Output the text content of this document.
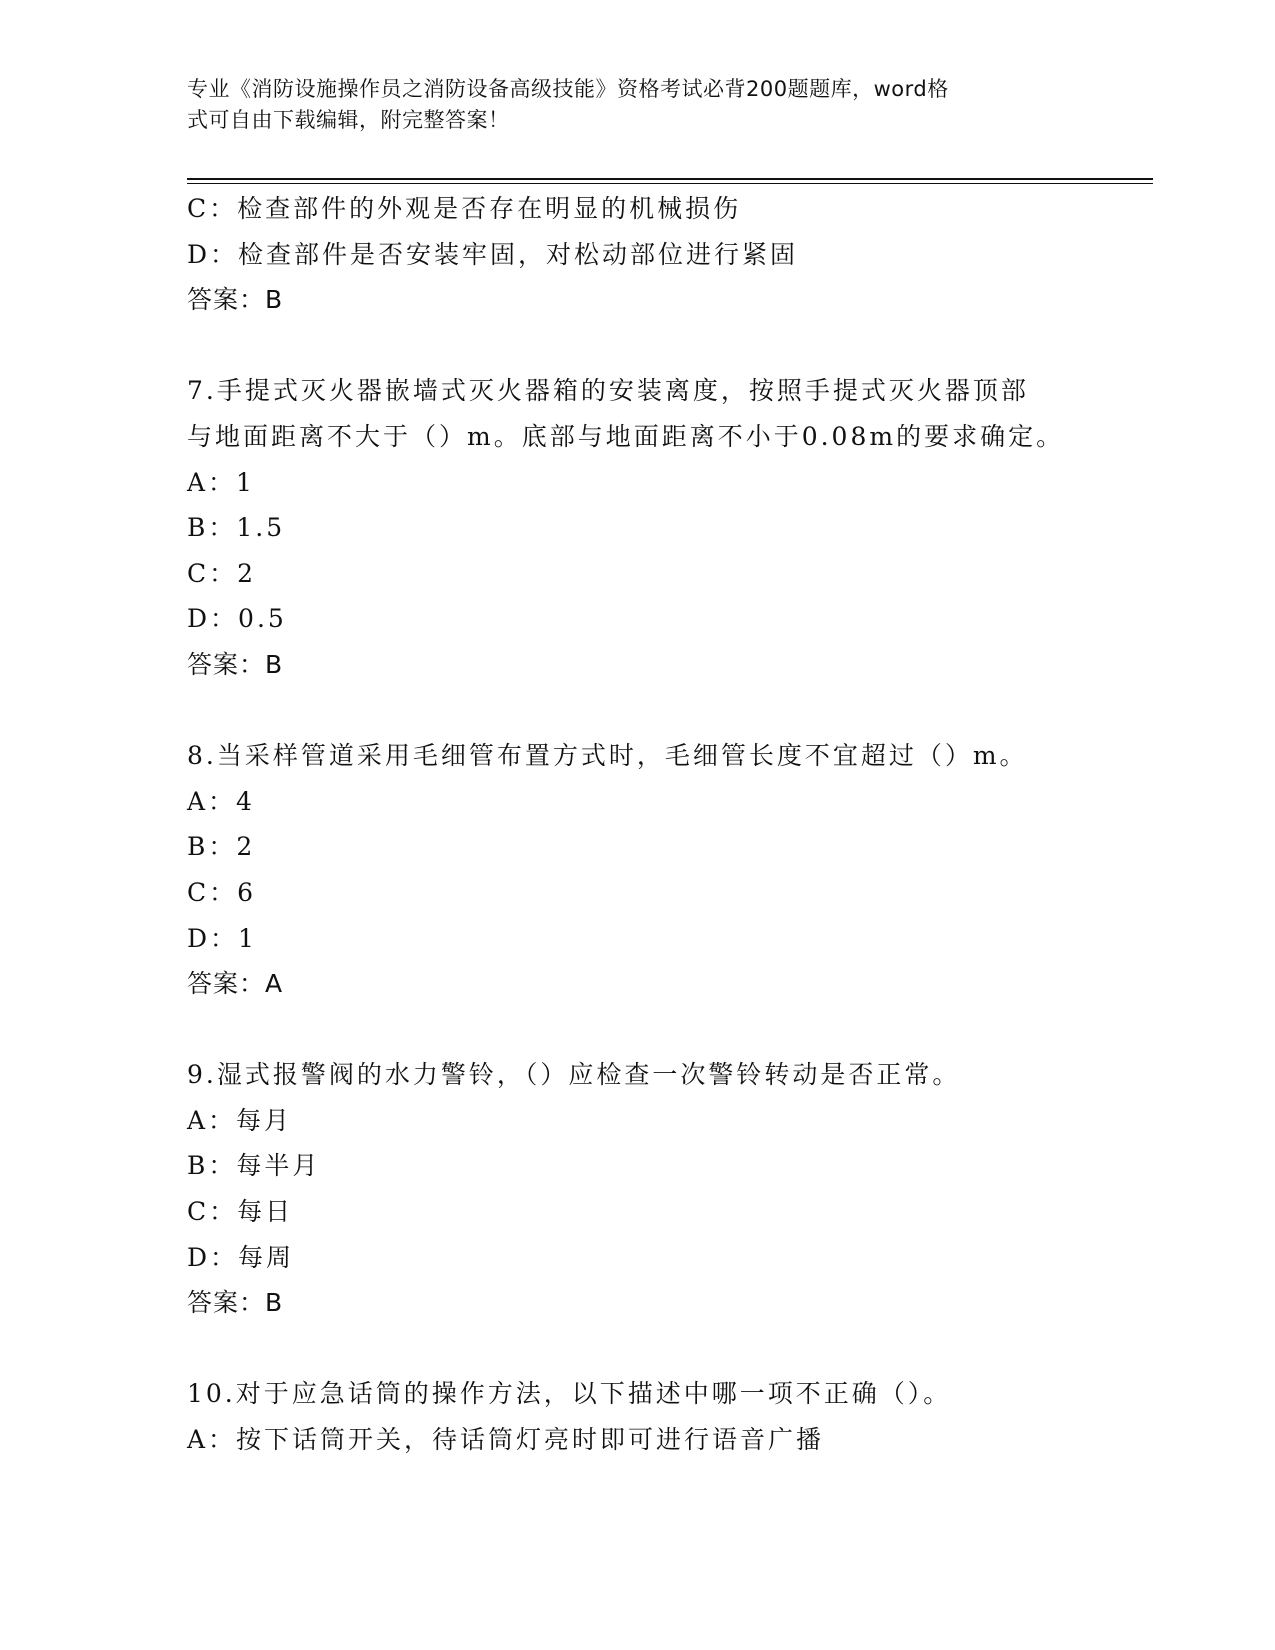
专业《消防设施操作员之消防设备高级技能》资格考试必背200题题库，word格
式可自由下载编辑，附完整答案！
C：检查部件的外观是否存在明显的机械损伤
D：检查部件是否安装牢固，对松动部位进行紧固
答案：B
7.手提式灭火器嵌墙式灭火器箱的安装离度，按照手提式灭火器顶部
与地面距离不大于（）m。底部与地面距离不小于0.08m的要求确定。
A：1
B：1.5
C：2
D：0.5
答案：B
8.当采样管道采用毛细管布置方式时，毛细管长度不宜超过（）m。
A：4
B：2
C：6
D：1
答案：A
9.湿式报警阀的水力警铃，（）应检查一次警铃转动是否正常。
A：每月
B：每半月
C：每日
D：每周
答案：B
10.对于应急话筒的操作方法，以下描述中哪一项不正确（）。
A：按下话筒开关，待话筒灯亮时即可进行语音广播
